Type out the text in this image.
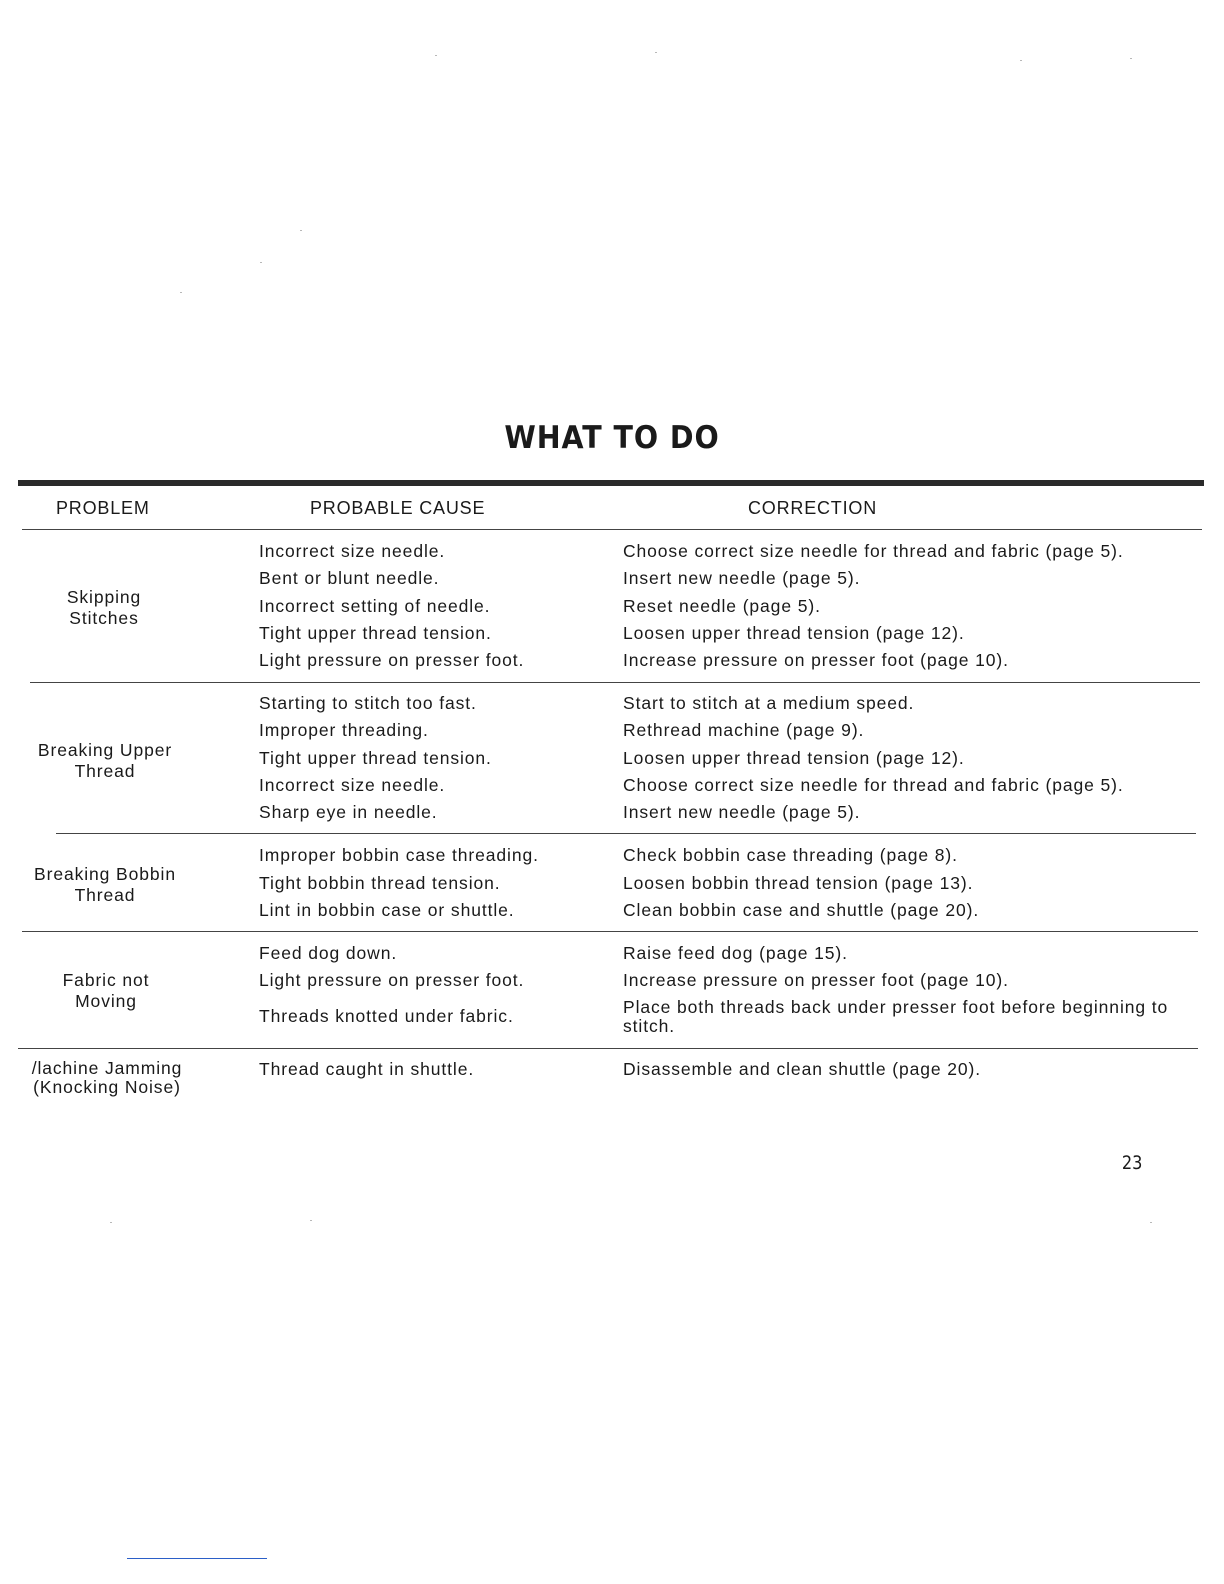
WHAT TO DO
PROBLEM	PROBABLE CAUSE	CORRECTION
Skipping
Stitches
Incorrect size needle.	Choose correct size needle for thread and fabric (page 5).
Bent or blunt needle.	Insert new needle (page 5).
Incorrect setting of needle.	Reset needle (page 5).
Tight upper thread tension.	Loosen upper thread tension (page 12).
Light pressure on presser foot.	Increase pressure on presser foot (page 10).
Breaking Upper
Thread
Starting to stitch too fast.	Start to stitch at a medium speed.
Improper threading.	Rethread machine (page 9).
Tight upper thread tension.	Loosen upper thread tension (page 12).
Incorrect size needle.	Choose correct size needle for thread and fabric (page 5).
Sharp eye in needle.	Insert new needle (page 5).
Breaking Bobbin
Thread
Improper bobbin case threading.	Check bobbin case threading (page 8).
Tight bobbin thread tension.	Loosen bobbin thread tension (page 13).
Lint in bobbin case or shuttle.	Clean bobbin case and shuttle (page 20).
Fabric not
Moving
Feed dog down.	Raise feed dog (page 15).
Light pressure on presser foot.	Increase pressure on presser foot (page 10).
Threads knotted under fabric.	Place both threads back under presser foot before beginning to stitch.
/lachine Jamming
(Knocking Noise)
Thread caught in shuttle.	Disassemble and clean shuttle (page 20).
23
